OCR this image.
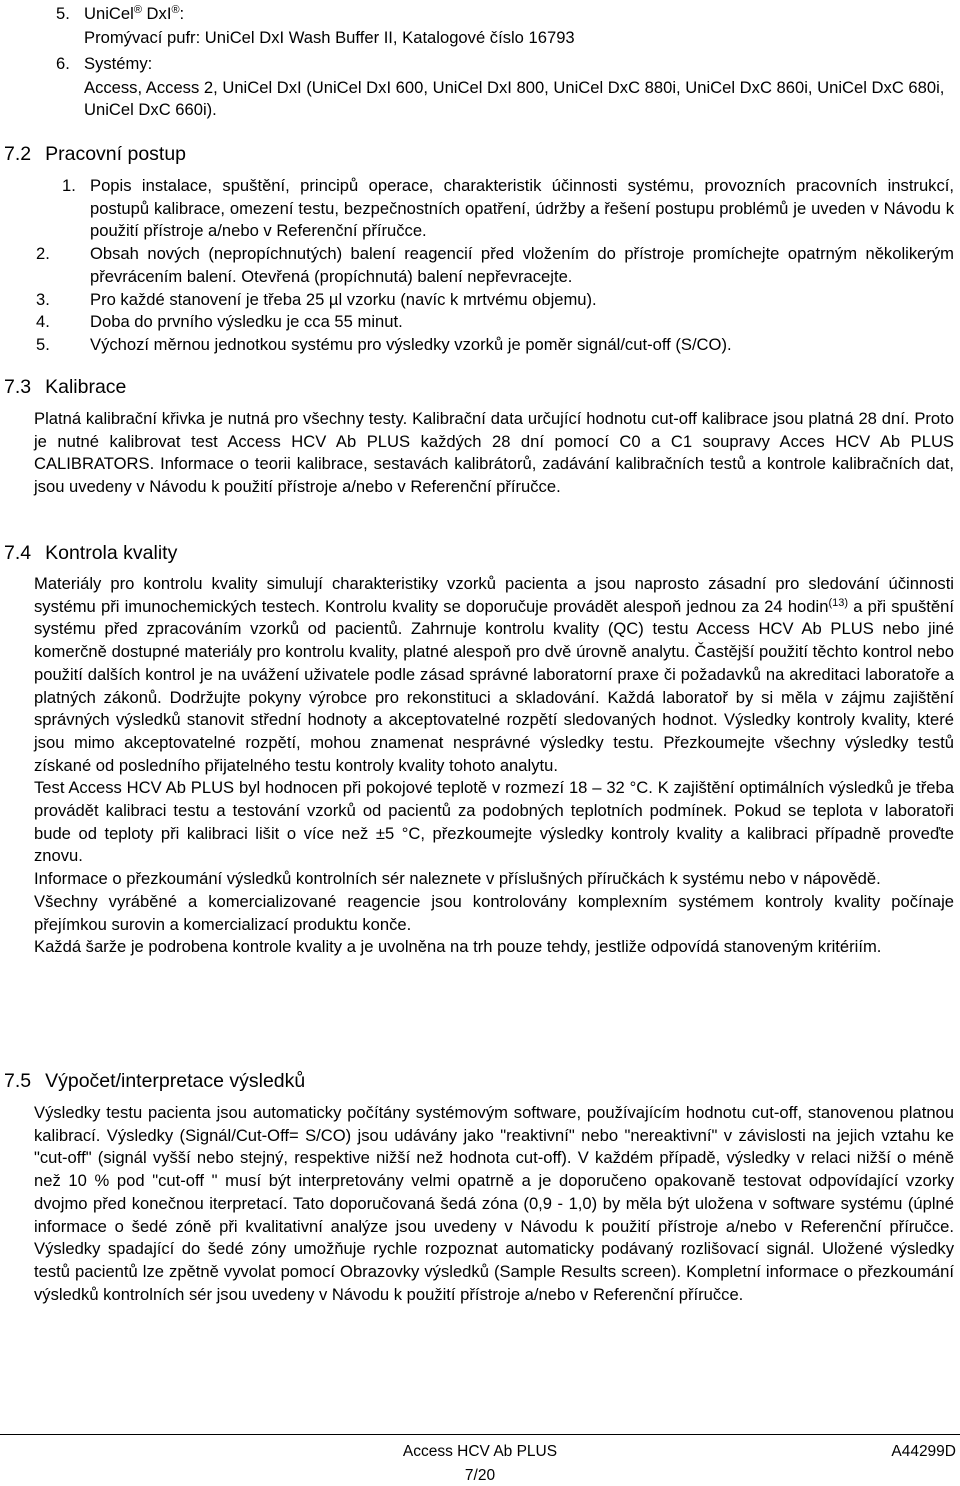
5. UniCel® DxI®:
Promývací pufr: UniCel DxI Wash Buffer II, Katalogové číslo 16793
6. Systémy:
Access, Access 2, UniCel DxI (UniCel DxI 600, UniCel DxI 800, UniCel DxC 880i, UniCel DxC 860i, UniCel DxC 680i, UniCel DxC 660i).
7.2 Pracovní postup
1. Popis instalace, spuštění, principů operace, charakteristik účinnosti systému, provozních pracovních instrukcí, postupů kalibrace, omezení testu, bezpečnostních opatření, údržby a řešení postupu problémů je uveden v Návodu k použití přístroje a/nebo v Referenční příručce.
2. Obsah nových (nepropíchnutých) balení reagencií před vložením do přístroje promíchejte opatrným několikerým převrácením balení. Otevřená (propíchnutá) balení nepřevracejte.
3. Pro každé stanovení je třeba 25 µl vzorku (navíc k mrtvému objemu).
4. Doba do prvního výsledku je cca 55 minut.
5. Výchozí měrnou jednotkou systému pro výsledky vzorků je poměr signál/cut-off (S/CO).
7.3 Kalibrace
Platná kalibrační křivka je nutná pro všechny testy. Kalibrační data určující hodnotu cut-off kalibrace jsou platná 28 dní. Proto je nutné kalibrovat test Access HCV Ab PLUS každých 28 dní pomocí C0 a C1 soupravy Acces HCV Ab PLUS CALIBRATORS. Informace o teorii kalibrace, sestavách kalibrátorů, zadávání kalibračních testů a kontrole kalibračních dat, jsou uvedeny v Návodu k použití přístroje a/nebo v Referenční příručce.
7.4 Kontrola kvality
Materiály pro kontrolu kvality simulují charakteristiky vzorků pacienta a jsou naprosto zásadní pro sledování účinnosti systému při imunochemických testech. Kontrolu kvality se doporučuje provádět alespoň jednou za 24 hodin$^{(13)}$ a při spuštění systému před zpracováním vzorků od pacientů. Zahrnuje kontrolu kvality (QC) testu Access HCV Ab PLUS nebo jiné komerčně dostupné materiály pro kontrolu kvality, platné alespoň pro dvě úrovně analytu. Častější použití těchto kontrol nebo použití dalších kontrol je na uvážení uživatele podle zásad správné laboratorní praxe či požadavků na akreditaci laboratoře a platných zákonů. Dodržujte pokyny výrobce pro rekonstituci a skladování. Každá laboratoř by si měla v zájmu zajištění správných výsledků stanovit střední hodnoty a akceptovatelné rozpětí sledovaných hodnot. Výsledky kontroly kvality, které jsou mimo akceptovatelné rozpětí, mohou znamenat nesprávné výsledky testu. Přezkoumejte všechny výsledky testů získané od posledního přijatelného testu kontroly kvality tohoto analytu.
Test Access HCV Ab PLUS byl hodnocen při pokojové teplotě v rozmezí 18 – 32 °C. K zajištění optimálních výsledků je třeba provádět kalibraci testu a testování vzorků od pacientů za podobných teplotních podmínek. Pokud se teplota v laboratoři bude od teploty při kalibraci lišit o více než ±5 °C, přezkoumejte výsledky kontroly kvality a kalibraci případně proveďte znovu.
Informace o přezkoumání výsledků kontrolních sér naleznete v příslušných příručkách k systému nebo v nápovědě.
Všechny vyráběné a komercializované reagencie jsou kontrolovány komplexním systémem kontroly kvality počínaje přejímkou surovin a komercializací produktu konče.
Každá šarže je podrobena kontrole kvality a je uvolněna na trh pouze tehdy, jestliže odpovídá stanoveným kritériím.
7.5 Výpočet/interpretace výsledků
Výsledky testu pacienta jsou automaticky počítány systémovým software, používajícím hodnotu cut-off, stanovenou platnou kalibrací. Výsledky (Signál/Cut-Off= S/CO) jsou udávány jako "reaktivní" nebo "nereaktivní" v závislosti na jejich vztahu ke "cut-off" (signál vyšší nebo stejný, respektive nižší než hodnota cut-off). V každém případě, výsledky v relaci nižší o méně než 10 % pod "cut-off " musí být interpretovány velmi opatrně a je doporučeno opakovaně testovat odpovídající vzorky dvojmo před konečnou iterpretací. Tato doporučovaná šedá zóna (0,9 - 1,0) by měla být uložena v software systému (úplné informace o šedé zóně při kvalitativní analýze jsou uvedeny v Návodu k použití přístroje a/nebo v Referenční příručce. Výsledky spadající do šedé zóny umožňuje rychle rozpoznat automaticky podávaný rozlišovací signál. Uložené výsledky testů pacientů lze zpětně vyvolat pomocí Obrazovky výsledků (Sample Results screen). Kompletní informace o přezkoumání výsledků kontrolních sér jsou uvedeny v Návodu k použití přístroje a/nebo v Referenční příručce.
Access HCV Ab PLUS
7/20
A44299D
